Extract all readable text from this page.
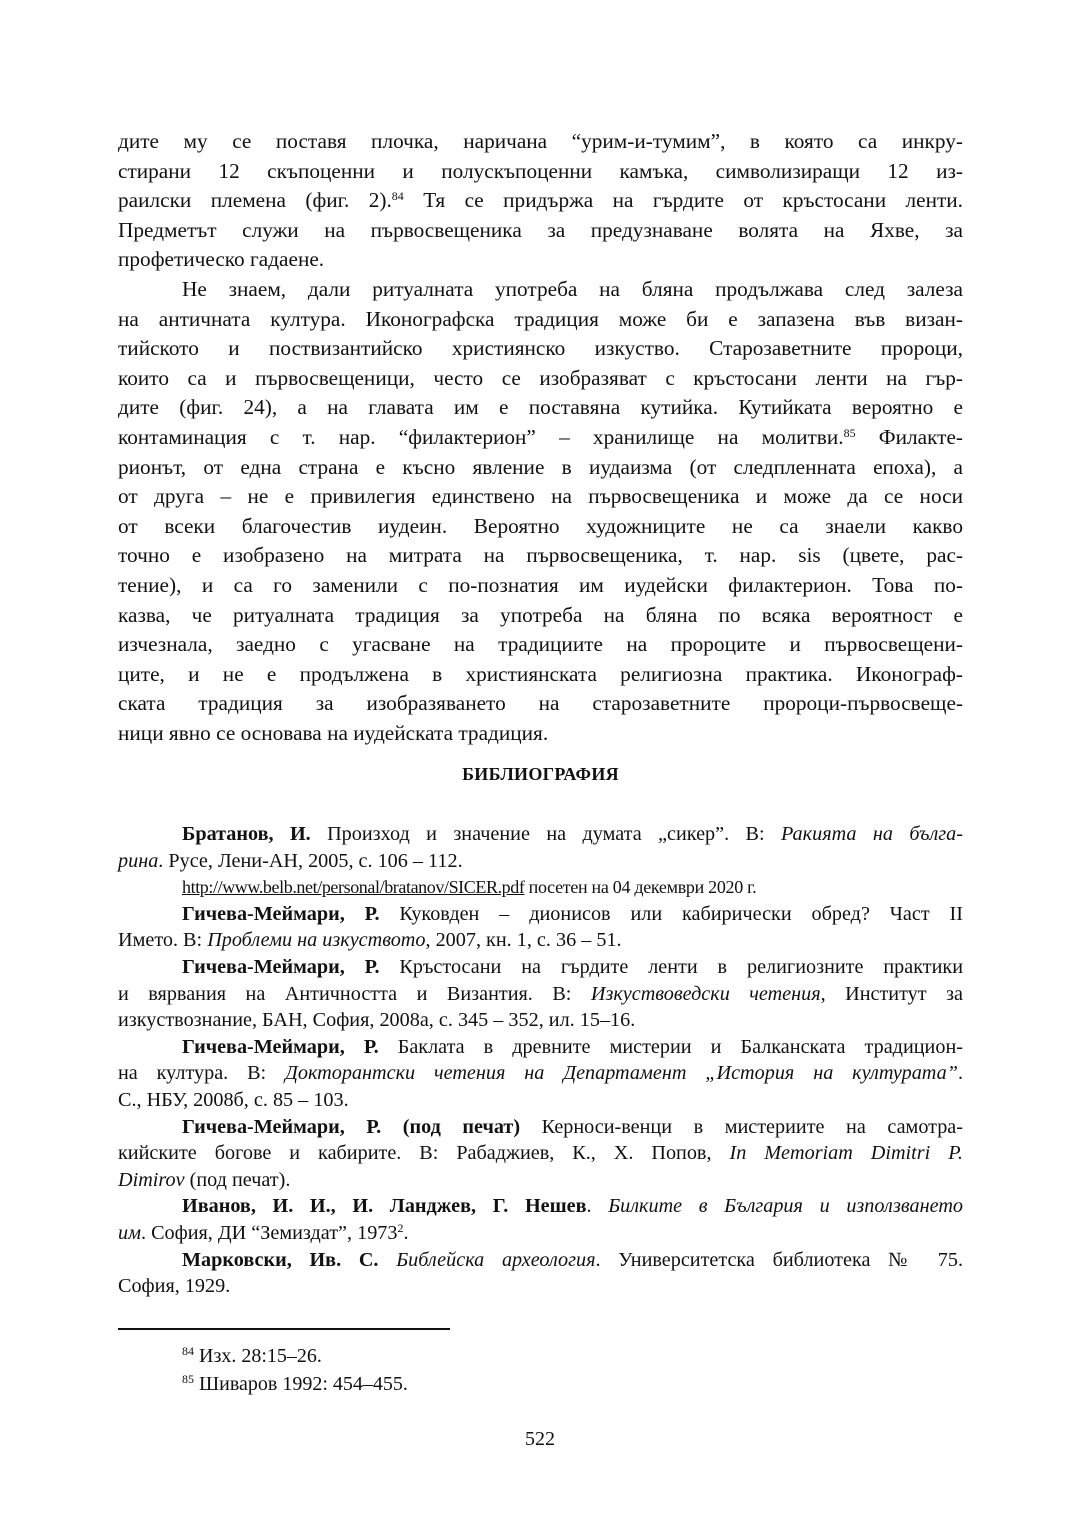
дите му се поставя плочка, наричана “урим-и-тумим”, в която са инкру-
стирани 12 скъпоценни и полускъпоценни камъка, символизиращи 12 из-
раилски племена (фиг. 2).$^{84}$ Тя се придържа на гърдите от кръстосани ленти.
Предметът служи на първосвещеника за предузнаване волята на Яхве, за
профетическо гадаене.
Не знаем, дали ритуалната употреба на бляна продължава след залеза
на античната култура. Иконографска традиция може би е запазена във визан-
тийското и поствизантийско християнско изкуство. Старозаветните пророци,
които са и първосвещеници, често се изобразяват с кръстосани ленти на гър-
дите (фиг. 24), а на главата им е поставяна кутийка. Кутийката вероятно е
контаминация с т. нар. “филактерион” – хранилище на молитви.$^{85}$ Филакте-
рионът, от една страна е късно явление в иудаизма (от следпленната епоха), а
от друга – не е привилегия единствено на първосвещеника и може да се носи
от всеки благочестив иудеин. Вероятно художниците не са знаели какво
точно е изобразено на митрата на първосвещеника, т. нар. sis (цвете, рас-
тение), и са го заменили с по-познатия им иудейски филактерион. Това по-
казва, че ритуалната традиция за употреба на бляна по всяка вероятност е
изчезнала, заедно с угасване на традициите на пророците и първосвещени-
ците, и не е продължена в християнската религиозна практика. Иконограф-
ската традиция за изобразяването на старозаветните пророци-първосвеще-
ници явно се основава на иудейската традиция.
БИБЛИОГРАФИЯ
Братанов, И. Произход и значение на думата „сикер”. В: Ракията на бълга-
рина. Русе, Лени-АН, 2005, с. 106 – 112.
http://www.belb.net/personal/bratanov/SICER.pdf посетен на 04 декември 2020 г.
Гичева-Меймари, Р. Куковден – дионисов или кабирически обред? Част II
Името. В: Проблеми на изкуството, 2007, кн. 1, с. 36 – 51.
Гичева-Меймари, Р. Кръстосани на гърдите ленти в религиозните практики
и вярвания на Античността и Византия. В: Изкуствоведски четения, Институт за
изкуствознание, БАН, София, 2008а, с. 345 – 352, ил. 15–16.
Гичева-Меймари, Р. Баклата в древните мистерии и Балканската традицион-
на култура. В: Докторантски четения на Департамент „История на културата”.
С., НБУ, 2008б, с. 85 – 103.
Гичева-Меймари, Р. (под печат) Керноси-венци в мистериите на самотра-
кийските богове и кабирите. В: Рабаджиев, К., Х. Попов, In Memoriam Dimitri P.
Dimirov (под печат).
Иванов, И. И., И. Ланджев, Г. Нешев. Билките в България и използването
им. София, ДИ “Земиздат”, 1973$^2$.
Марковски, Ив. С. Библейска археология. Университетска библиотека № 75.
София, 1929.
$^{84}$ Изх. 28:15–26.
$^{85}$ Шиваров 1992: 454–455.
522
